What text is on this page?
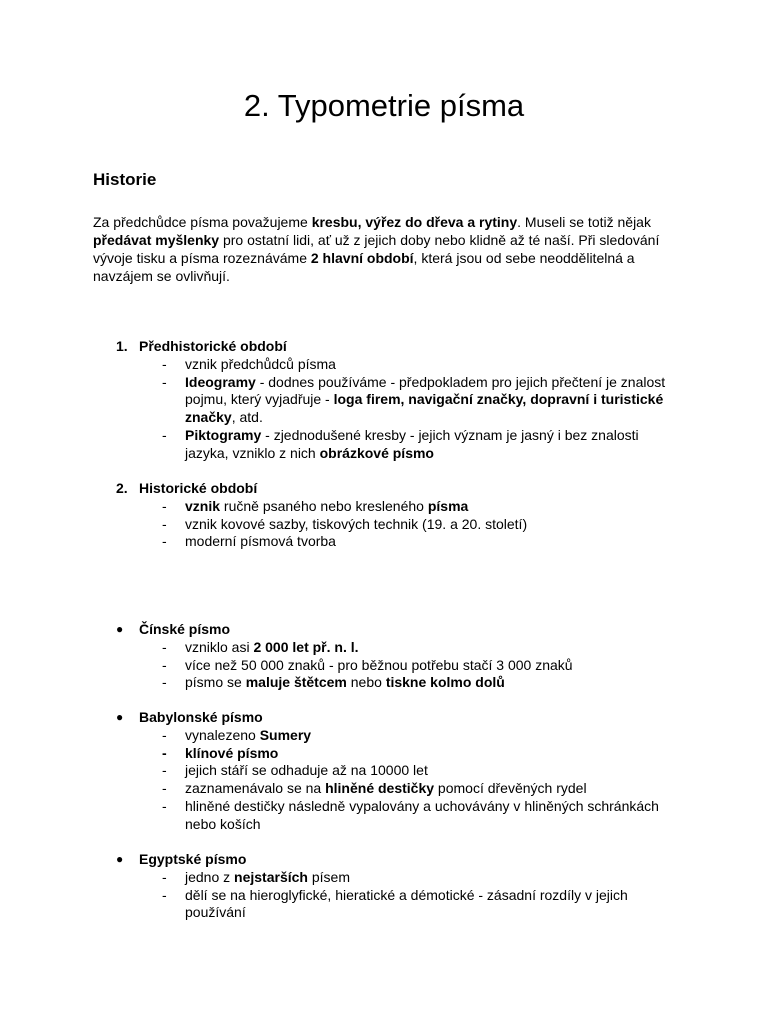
2. Typometrie písma
Historie

Za předchůdce písma považujeme kresbu, výřez do dřeva a rytiny. Museli se totiž nějak předávat myšlenky pro ostatní lidi, ať už z jejich doby nebo klidně až té naší. Při sledování vývoje tisku a písma rozeznáváme 2 hlavní období, která jsou od sebe neoddělitelná a navzájem se ovlivňují.

1. Předhistorické období
- vznik předchůdců písma
- Ideogramy - dodnes používáme - předpokladem pro jejich přečtení je znalost pojmu, který vyjadřuje - loga firem, navigační značky, dopravní i turistické značky, atd.
- Piktogramy - zjednodušené kresby - jejich význam je jasný i bez znalosti jazyka, vzniklo z nich obrázkové písmo
2. Historické období
- vznik ručně psaného nebo kresleného písma
- vznik kovové sazby, tiskových technik (19. a 20. století)
- moderní písmová tvorba
● Čínské písmo
- vzniklo asi 2 000 let př. n. l.
- více než 50 000 znaků - pro běžnou potřebu stačí 3 000 znaků
- písmo se maluje štětcem nebo tiskne kolmo dolů
● Babylonské písmo
- vynalezeno Sumery
- klínové písmo
- jejich stáří se odhaduje až na 10000 let
- zaznamenávalo se na hliněné destičky pomocí dřevěných rydel
- hliněné destičky následně vypalovány a uchovávány v hliněných schránkách nebo koších
● Egyptské písmo
- jedno z nejstarších písem
- dělí se na hieroglyfické, hieratické a démotické - zásadní rozdíly v jejich používání
